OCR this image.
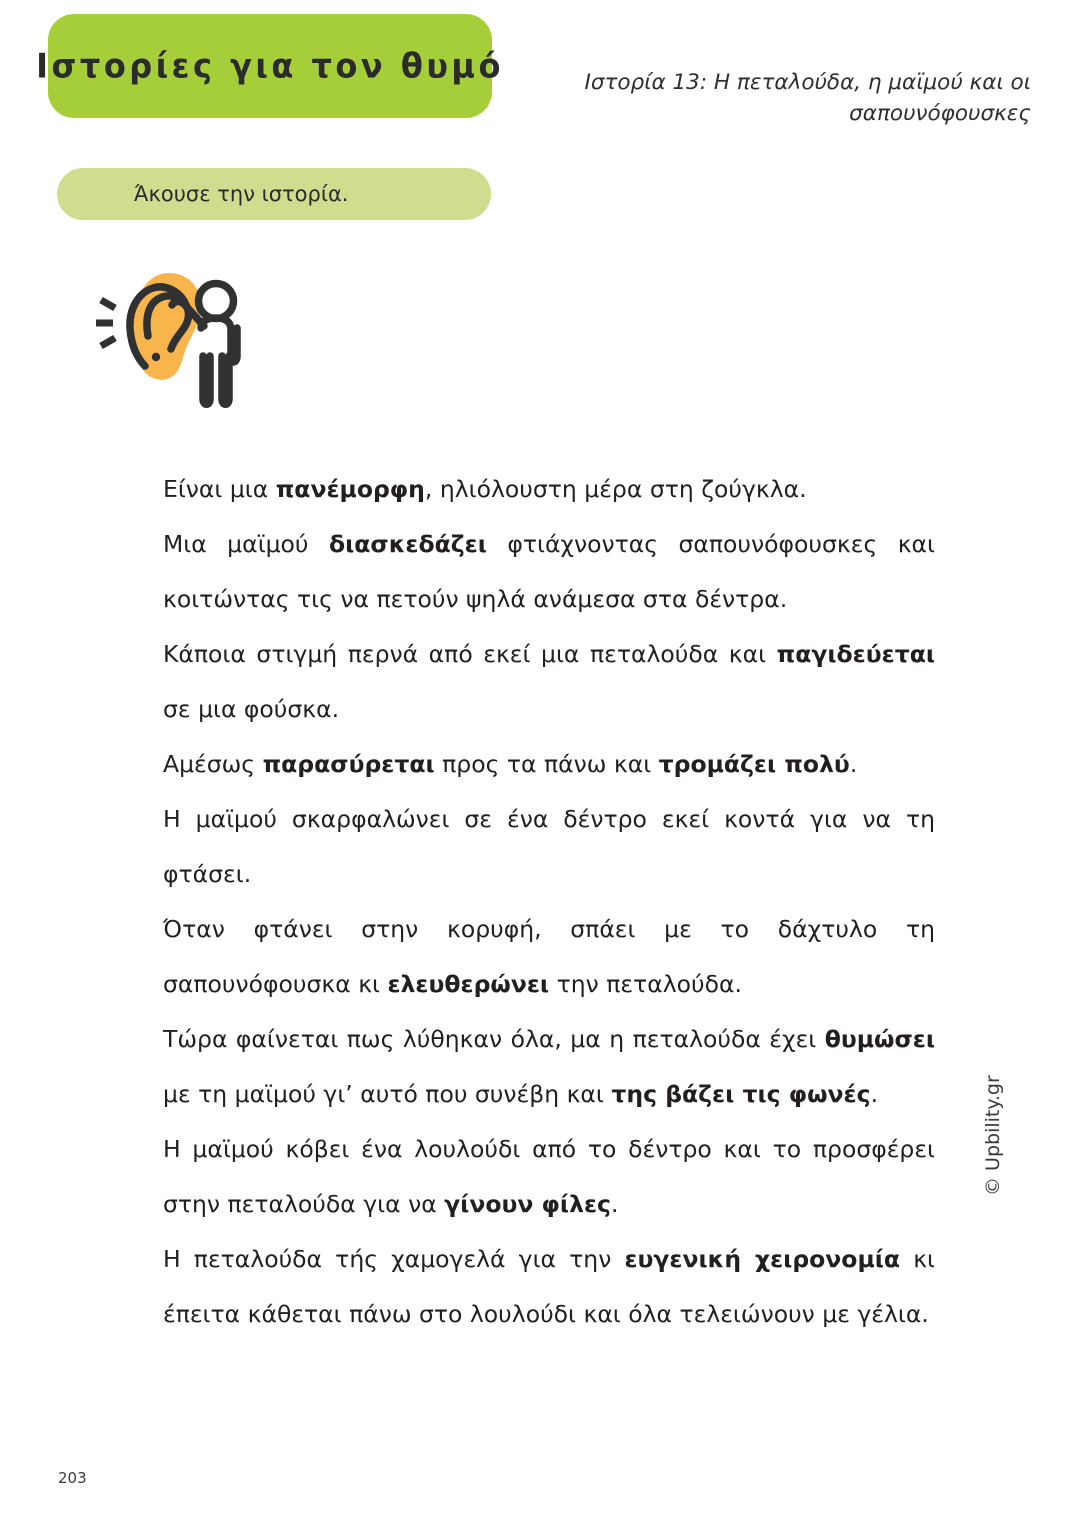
Ιστορίες για τον θυμό	Ιστορία 13: Η πεταλούδα, η μαϊμού και οι σαπουνόφουσκες
Άκουσε την ιστορία.

Είναι μια πανέμορφη, ηλιόλουστη μέρα στη ζούγκλα.

Μια μαϊμού διασκεδάζει φτιάχνοντας σαπουνόφουσκες και κοιτώντας τις να πετούν ψηλά ανάμεσα στα δέντρα.

Κάποια στιγμή περνά από εκεί μια πεταλούδα και παγιδεύεται σε μια φούσκα.

Αμέσως παρασύρεται προς τα πάνω και τρομάζει πολύ.

Η μαϊμού σκαρφαλώνει σε ένα δέντρο εκεί κοντά για να τη φτάσει.

Όταν φτάνει στην κορυφή, σπάει με το δάχτυλο τη σαπουνόφουσκα κι ελευθερώνει την πεταλούδα.

Τώρα φαίνεται πως λύθηκαν όλα, μα η πεταλούδα έχει θυμώσει με τη μαϊμού γι’ αυτό που συνέβη και της βάζει τις φωνές.

Η μαϊμού κόβει ένα λουλούδι από το δέντρο και το προσφέρει στην πεταλούδα για να γίνουν φίλες.

Η πεταλούδα τής χαμογελά για την ευγενική χειρονομία κι έπειτα κάθεται πάνω στο λουλούδι και όλα τελειώνουν με γέλια.

© Upbility.gr
203
